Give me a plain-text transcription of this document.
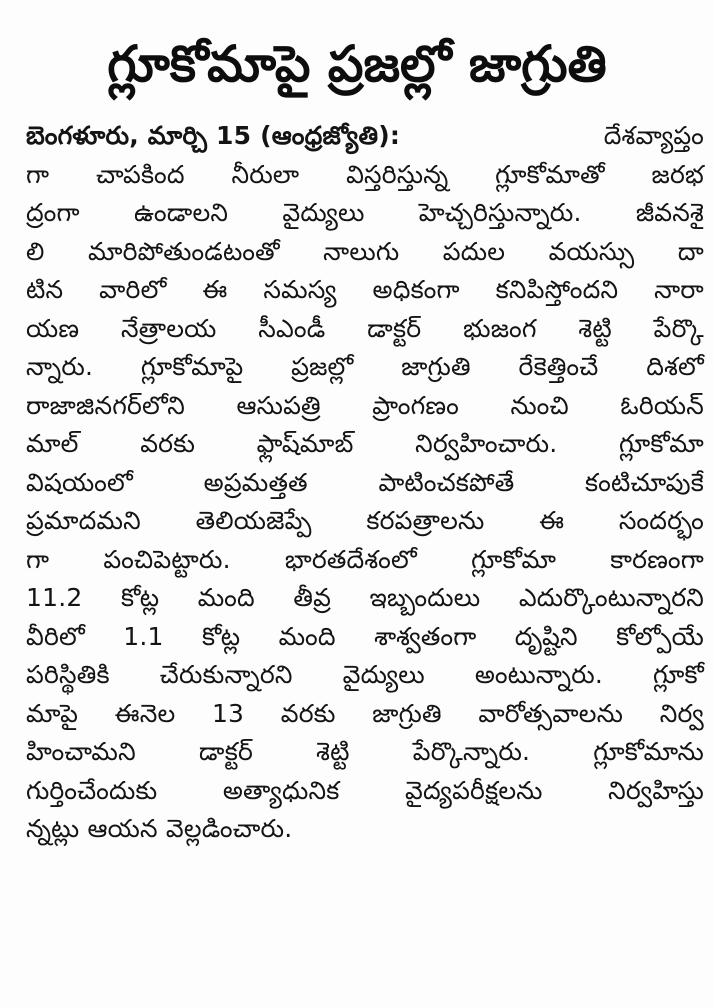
గ్లూకోమాపై ప్రజల్లో జాగ్రుతి
బెంగళూరు, మార్చి 15 (ఆంధ్రజ్యోతి):	దేశవ్యాప్తం
గా చాపకింద నీరులా విస్తరిస్తున్న గ్లూకోమాతో జరభ
ద్రంగా ఉండాలని వైద్యులు హెచ్చరిస్తున్నారు. జీవనశై
లి మారిపోతుండటంతో నాలుగు పదుల వయస్సు దా
టిన వారిలో ఈ సమస్య అధికంగా కనిపిస్తోందని నారా
యణ నేత్రాలయ సీఎండీ డాక్టర్ భుజంగ శెట్టి పేర్కొ
న్నారు. గ్లూకోమాపై ప్రజల్లో జాగ్రుతి రేకెత్తించే దిశలో
రాజాజినగర్‌లోని ఆసుపత్రి ప్రాంగణం నుంచి ఓరియన్
మాల్ వరకు ఫ్లాష్‌మాబ్ నిర్వహించారు. గ్లూకోమా
విషయంలో	అప్రమత్తత	పాటించకపోతే	కంటిచూపుకే
ప్రమాదమని తెలియజెప్పే కరపత్రాలను ఈ సందర్భం
గా పంచిపెట్టారు. భారతదేశంలో గ్లూకోమా కారణంగా
11.2 కోట్ల మంది తీవ్ర ఇబ్బందులు ఎదుర్కొంటున్నారని
వీరిలో 1.1 కోట్ల మంది శాశ్వతంగా దృష్టిని కోల్పోయే
పరిస్థితికి చేరుకున్నారని వైద్యులు అంటున్నారు. గ్లూకో
మాపై ఈనెల 13 వరకు జాగ్రుతి వారోత్సవాలను నిర్వ
హించామని	డాక్టర్	శెట్టి	పేర్కొన్నారు.	గ్లూకోమాను
గుర్తించేందుకు	అత్యాధునిక	వైద్యపరీక్షలను	నిర్వహిస్తు
న్నట్లు ఆయన వెల్లడించారు.
